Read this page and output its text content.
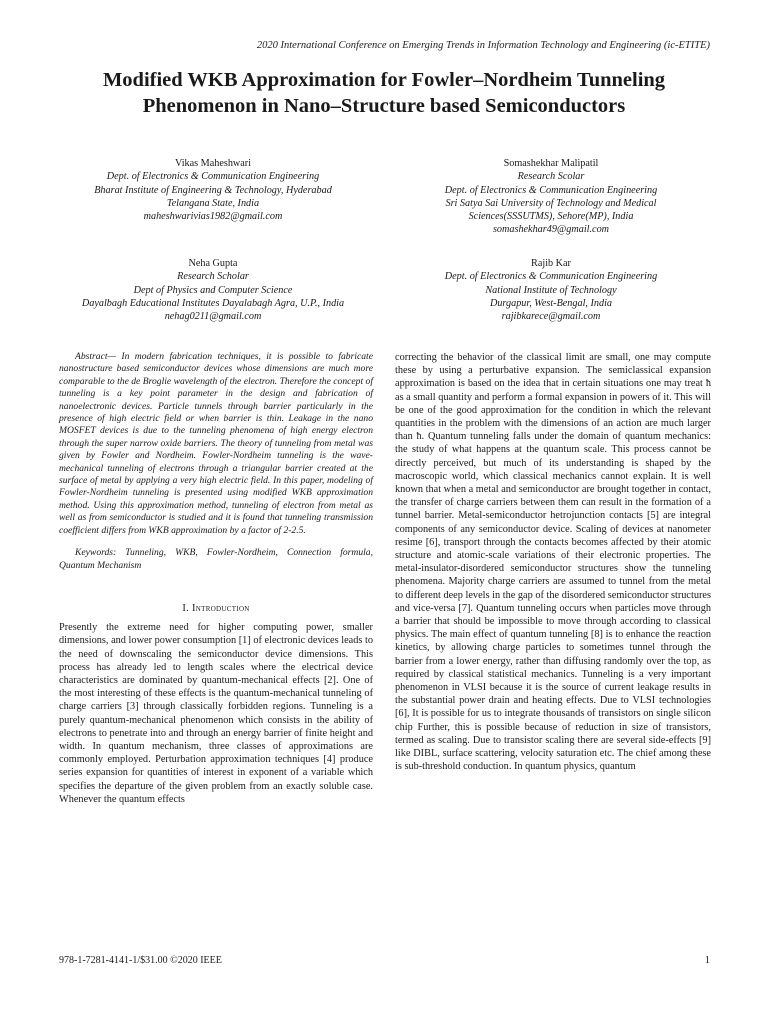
2020 International Conference on Emerging Trends in Information Technology and Engineering (ic-ETITE)
Modified WKB Approximation for Fowler–Nordheim Tunneling
Phenomenon in Nano–Structure based Semiconductors
Vikas Maheshwari
Dept. of Electronics & Communication Engineering
Bharat Institute of Engineering & Technology, Hyderabad
Telangana State, India
maheshwarivias1982@gmail.com
Somashekhar Malipatil
Research Scolar
Dept. of Electronics & Communication Engineering
Sri Satya Sai University of Technology and Medical
Sciences(SSSUTMS), Sehore(MP), India
somashekhar49@gmail.com
Neha Gupta
Research Scholar
Dept of Physics and Computer Science
Dayalbagh Educational Institutes Dayalabagh Agra, U.P., India
nehag0211@gmail.com
Rajib Kar
Dept. of Electronics & Communication Engineering
National Institute of Technology
Durgapur, West-Bengal, India
rajibkarece@gmail.com

Abstract— In modern fabrication techniques, it is possible to fabricate nanostructure based semiconductor devices whose dimensions are much more comparable to the de Broglie wavelength of the electron. Therefore the concept of tunneling is a key point parameter in the design and fabrication of nanoelectronic devices. Particle tunnels through barrier particularly in the presence of high electric field or when barrier is thin. Leakage in the nano MOSFET devices is due to the tunneling phenomena of high energy electron through the super narrow oxide barriers. The theory of tunneling from metal was given by Fowler and Nordheim. Fowler-Nordheim tunneling is the wave-mechanical tunneling of electrons through a triangular barrier created at the surface of metal by applying a very high electric field. In this paper, modeling of Fowler-Nordheim tunneling is presented using modified WKB approximation method. Using this approximation method, tunneling of electron from metal as well as from semiconductor is studied and it is found that tunneling transmission coefficient differs from WKB approximation by a factor of 2-2.5.

Keywords: Tunneling, WKB, Fowler-Nordheim, Connection formula, Quantum Mechanism

I. Introduction

Presently the extreme need for higher computing power, smaller dimensions, and lower power consumption [1] of electronic devices leads to the need of downscaling the semiconductor device dimensions. This process has already led to length scales where the electrical device characteristics are dominated by quantum-mechanical effects [2]. One of the most interesting of these effects is the quantum-mechanical tunneling of charge carriers [3] through classically forbidden regions. Tunneling is a purely quantum-mechanical phenomenon which consists in the ability of electrons to penetrate into and through an energy barrier of finite height and width. In quantum mechanism, three classes of approximations are commonly employed. Perturbation approximation techniques [4] produce series expansion for quantities of interest in exponent of a variable which specifies the departure of the given problem from an exactly soluble case. Whenever the quantum effects

correcting the behavior of the classical limit are small, one may compute these by using a perturbative expansion. The semiclassical expansion approximation is based on the idea that in certain situations one may treat ħ as a small quantity and perform a formal expansion in powers of it. This will be one of the good approximation for the condition in which the relevant quantities in the problem with the dimensions of an action are much larger than ħ. Quantum tunneling falls under the domain of quantum mechanics: the study of what happens at the quantum scale. This process cannot be directly perceived, but much of its understanding is shaped by the macroscopic world, which classical mechanics cannot explain. It is well known that when a metal and semiconductor are brought together in contact, the transfer of charge carriers between them can result in the formation of a tunnel barrier. Metal-semiconductor hetrojunction contacts [5] are integral components of any semiconductor device. Scaling of devices at nanometer resime [6], transport through the contacts becomes affected by their atomic structure and atomic-scale variations of their electronic properties. The metal-insulator-disordered semiconductor structures show the tunneling phenomena. Majority charge carriers are assumed to tunnel from the metal to different deep levels in the gap of the disordered semiconductor structures and vice-versa [7]. Quantum tunneling occurs when particles move through a barrier that should be impossible to move through according to classical physics. The main effect of quantum tunneling [8] is to enhance the reaction kinetics, by allowing charge particles to sometimes tunnel through the barrier from a lower energy, rather than diffusing randomly over the top, as required by classical statistical mechanics. Tunneling is a very important phenomenon in VLSI because it is the source of current leakage results in the substantial power drain and heating effects. Due to VLSI technologies [6], It is possible for us to integrate thousands of transistors on single silicon chip Further, this is possible because of reduction in size of transistors, termed as scaling. Due to transistor scaling there are several side-effects [9] like DIBL, surface scattering, velocity saturation etc. The chief among these is sub-threshold conduction. In quantum physics, quantum

978-1-7281-4141-1/$31.00 ©2020 IEEE	1
